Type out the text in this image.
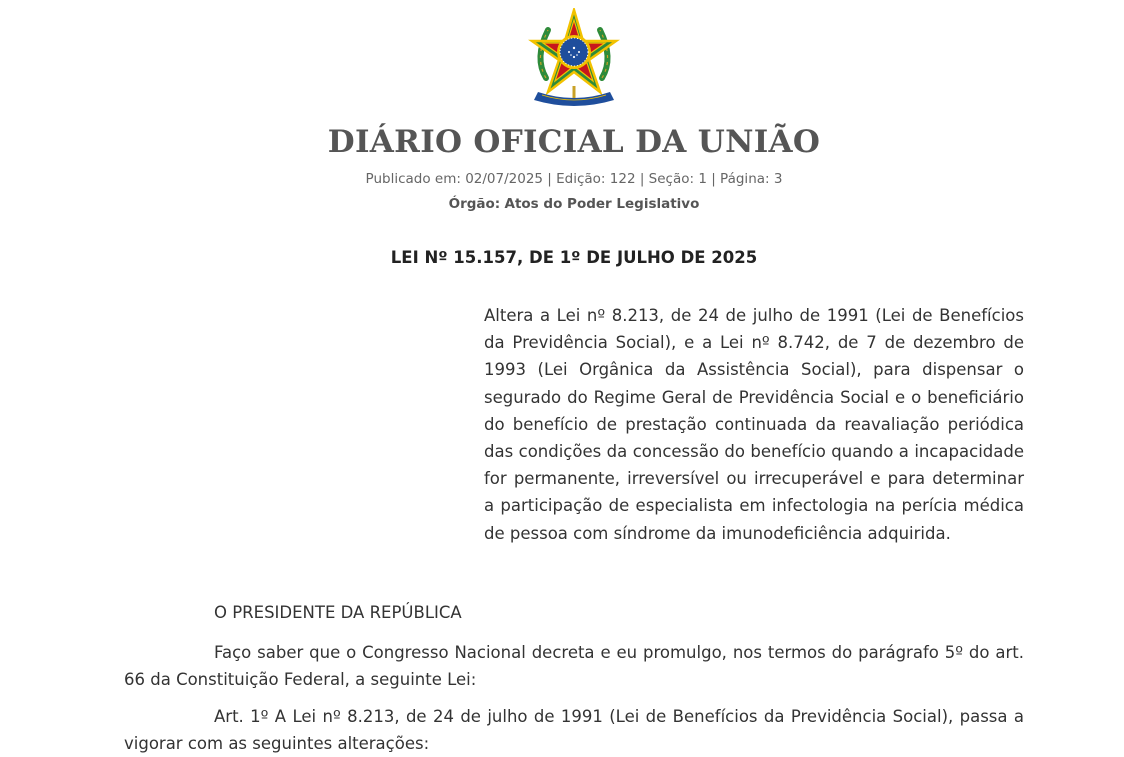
DIÁRIO OFICIAL DA UNIÃO
Publicado em: 02/07/2025 | Edição: 122 | Seção: 1 | Página: 3
Órgão: Atos do Poder Legislativo
LEI Nº 15.157, DE 1º DE JULHO DE 2025

Altera a Lei nº 8.213, de 24 de julho de 1991 (Lei de Benefícios da Previdência Social), e a Lei nº 8.742, de 7 de dezembro de 1993 (Lei Orgânica da Assistência Social), para dispensar o segurado do Regime Geral de Previdência Social e o beneficiário do benefício de prestação continuada da reavaliação periódica das condições da concessão do benefício quando a incapacidade for permanente, irreversível ou irrecuperável e para determinar a participação de especialista em infectologia na perícia médica de pessoa com síndrome da imunodeficiência adquirida.

O PRESIDENTE DA REPÚBLICA

Faço saber que o Congresso Nacional decreta e eu promulgo, nos termos do parágrafo 5º do art. 66 da Constituição Federal, a seguinte Lei:

Art. 1º A Lei nº 8.213, de 24 de julho de 1991 (Lei de Benefícios da Previdência Social), passa a vigorar com as seguintes alterações:
